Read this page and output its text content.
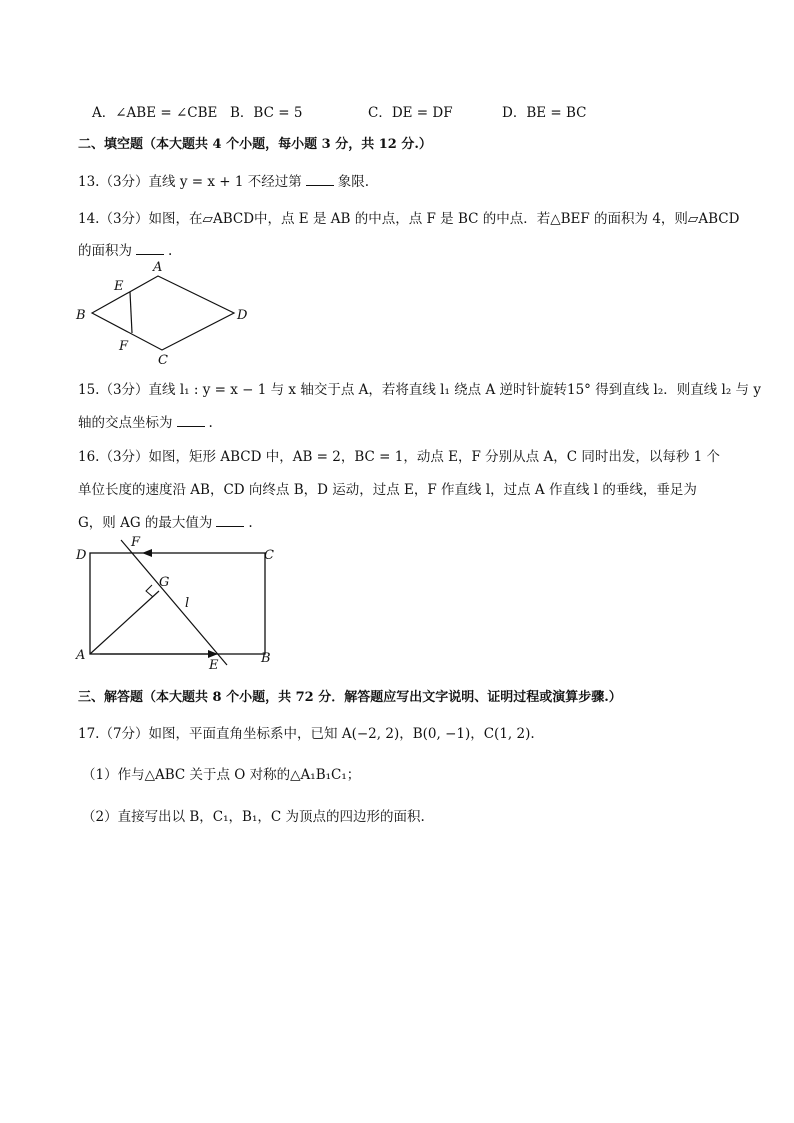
A．∠ABE = ∠CBE B．BC = 5	C．DE = DF	D．BE = BC
二、填空题（本大题共 4 个小题，每小题 3 分，共 12 分.）
13.（3分）直线 y = x + 1 不经过第	象限.
14.（3分）如图，在▱ABCD中，点 E 是 AB 的中点，点 F 是 BC 的中点．若△BEF 的面积为 4，则▱ABCD
的面积为	.
A
B
C
D
E
F
15.（3分）直线 l₁ : y = x − 1 与 x 轴交于点 A，若将直线 l₁ 绕点 A 逆时针旋转15° 得到直线 l₂．则直线 l₂ 与 y
轴的交点坐标为	.
16.（3分）如图，矩形 ABCD 中，AB = 2，BC = 1，动点 E，F 分别从点 A，C 同时出发，以每秒 1 个
单位长度的速度沿 AB，CD 向终点 B，D 运动，过点 E，F 作直线 l，过点 A 作直线 l 的垂线，垂足为
G，则 AG 的最大值为	.
D	C
A	B
F
G
l
E
三、解答题（本大题共 8 个小题，共 72 分．解答题应写出文字说明、证明过程或演算步骤.）
17.（7分）如图，平面直角坐标系中，已知 A(−2, 2)，B(0, −1)，C(1, 2).
（1）作与△ABC 关于点 O 对称的△A₁B₁C₁；
（2）直接写出以 B，C₁，B₁，C 为顶点的四边形的面积.
